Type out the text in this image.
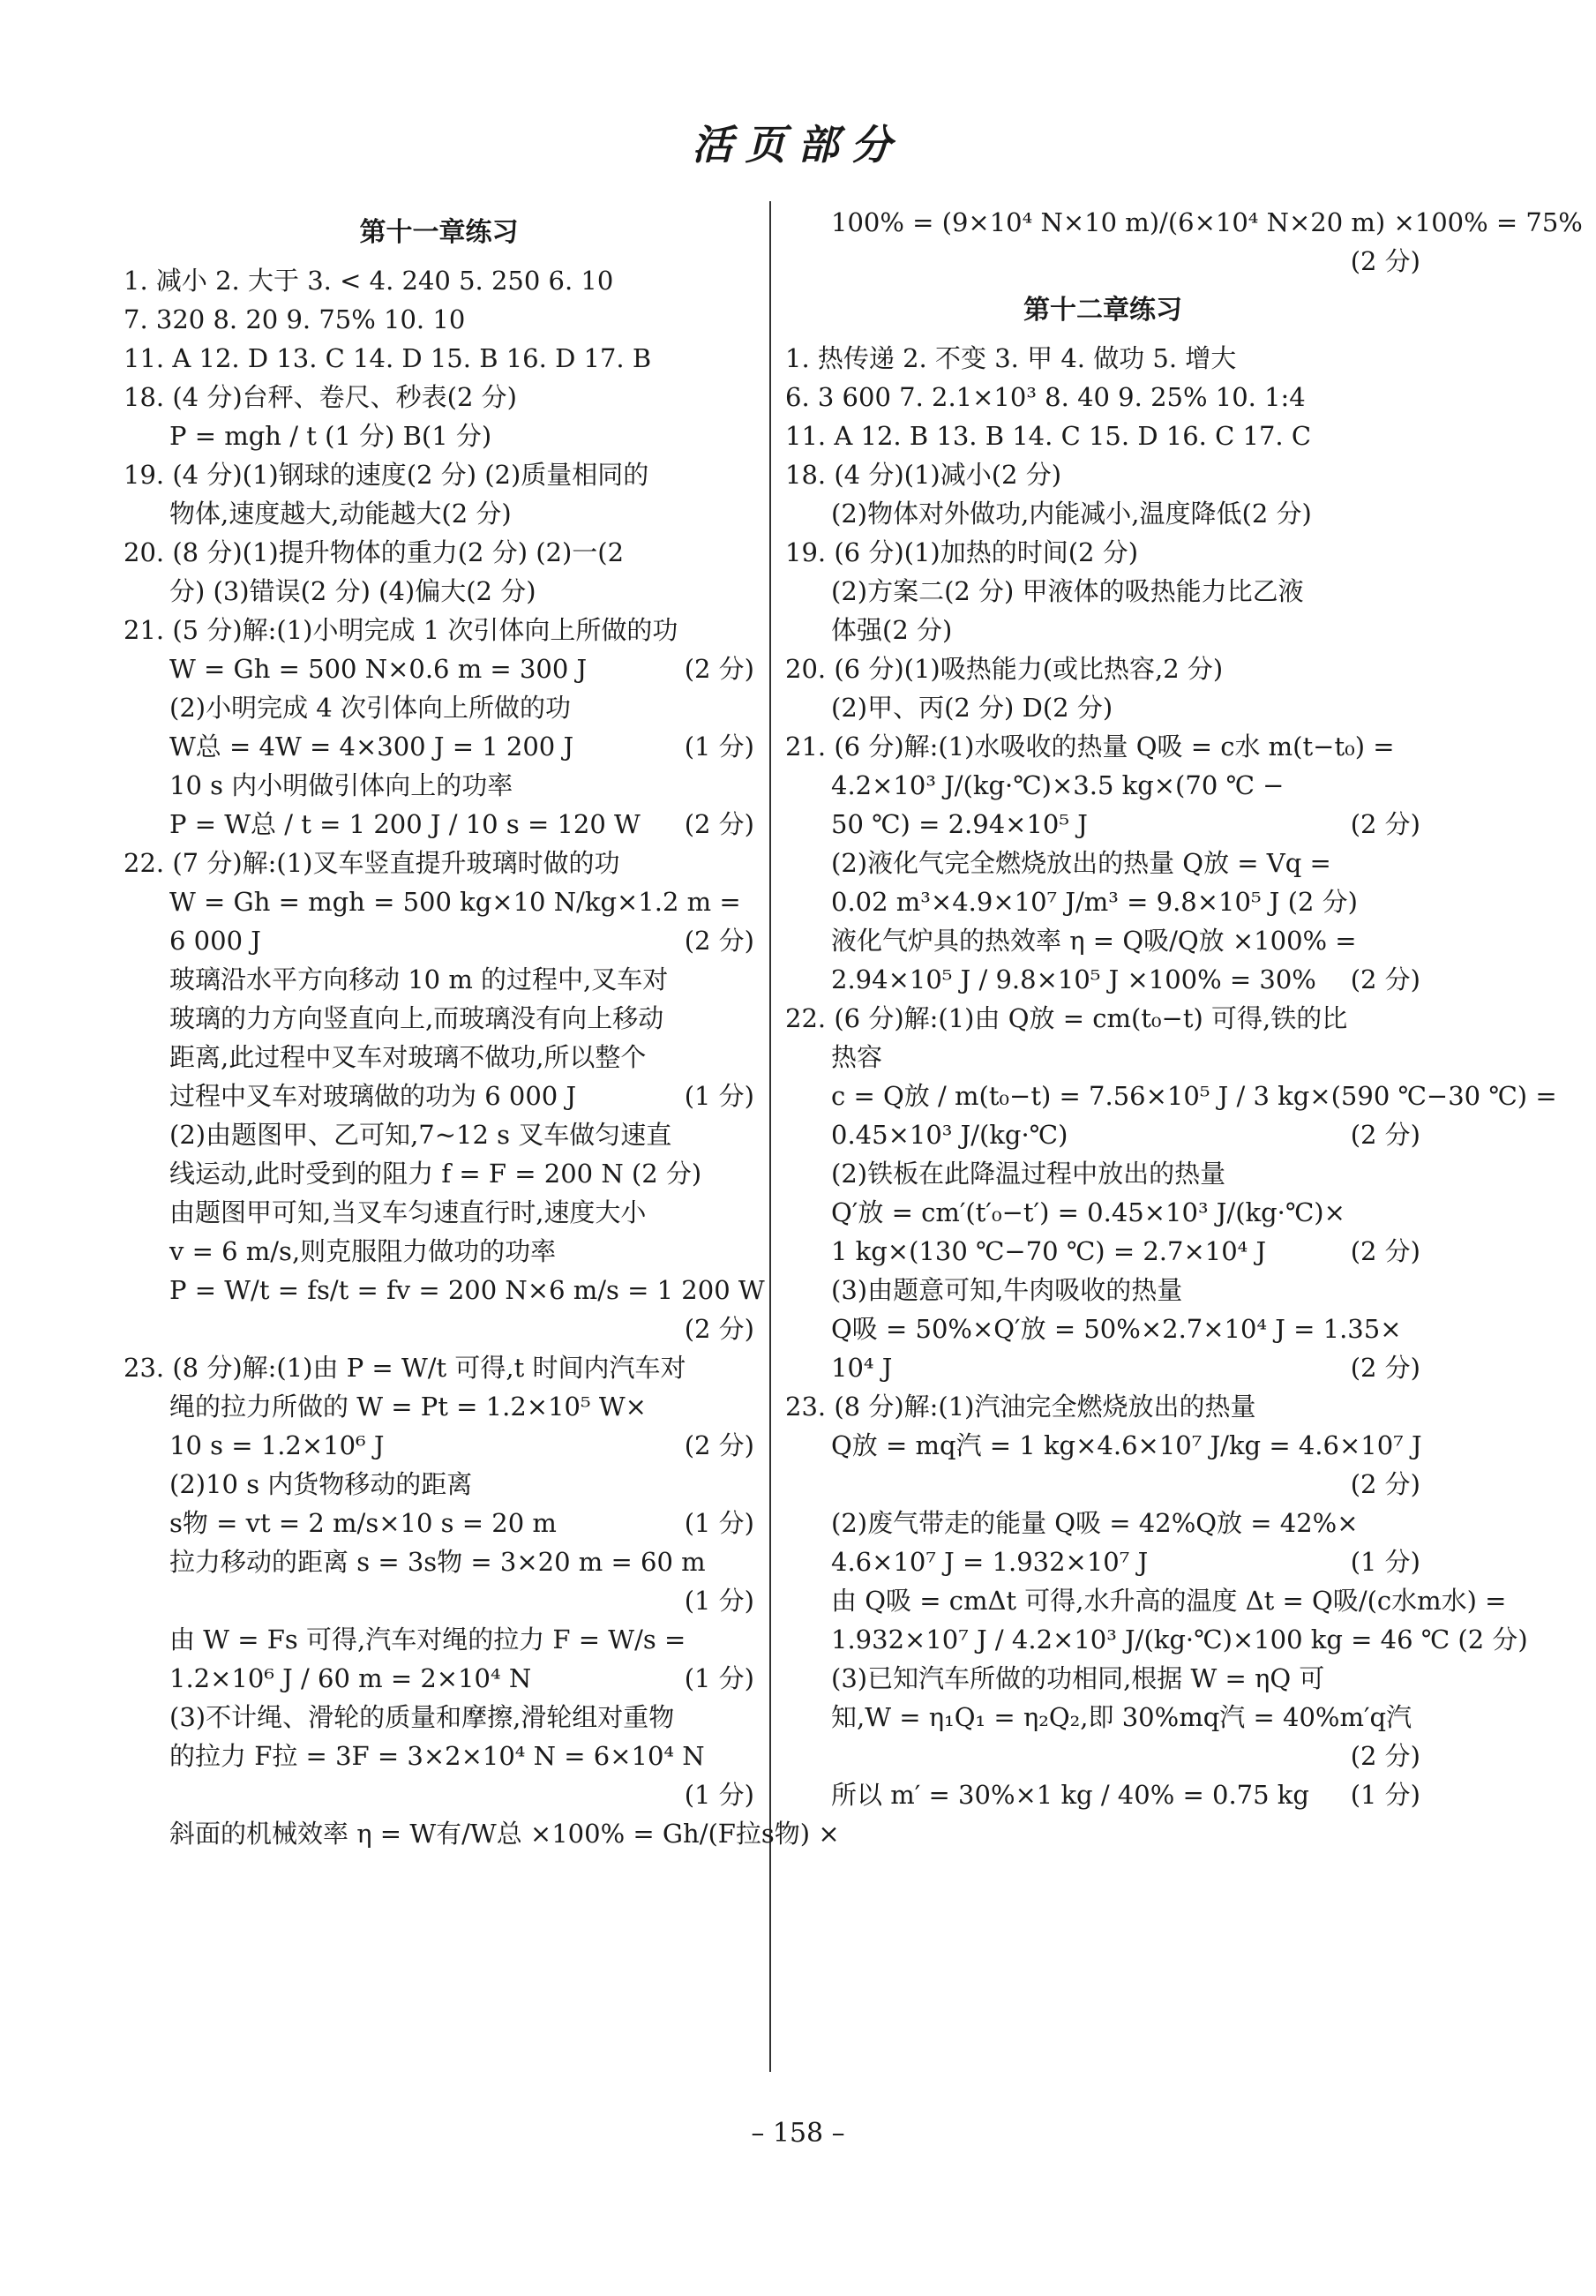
活页部分
第十一章练习
1. 减小 2. 大于 3. < 4. 240 5. 250 6. 10
7. 320 8. 20 9. 75% 10. 10
11. A 12. D 13. C 14. D 15. B 16. D 17. B
18. (4 分)台秤、卷尺、秒表(2 分)
P = mgh / t (1 分) B(1 分)
19. (4 分)(1)钢球的速度(2 分) (2)质量相同的
物体,速度越大,动能越大(2 分)
20. (8 分)(1)提升物体的重力(2 分) (2)一(2
分) (3)错误(2 分) (4)偏大(2 分)
21. (5 分)解:(1)小明完成 1 次引体向上所做的功
W = Gh = 500 N×0.6 m = 300 J	(2 分)
(2)小明完成 4 次引体向上所做的功
W总 = 4W = 4×300 J = 1 200 J	(1 分)
10 s 内小明做引体向上的功率
P = W总 / t = 1 200 J / 10 s = 120 W (2 分)
22. (7 分)解:(1)叉车竖直提升玻璃时做的功
W = Gh = mgh = 500 kg×10 N/kg×1.2 m =
6 000 J	(2 分)
玻璃沿水平方向移动 10 m 的过程中,叉车对
玻璃的力方向竖直向上,而玻璃没有向上移动
距离,此过程中叉车对玻璃不做功,所以整个
过程中叉车对玻璃做的功为 6 000 J	(1 分)
(2)由题图甲、乙可知,7~12 s 叉车做匀速直
线运动,此时受到的阻力 f = F = 200 N (2 分)
由题图甲可知,当叉车匀速直行时,速度大小
v = 6 m/s,则克服阻力做功的功率
P = W/t = fs/t = fv = 200 N×6 m/s = 1 200 W
(2 分)
23. (8 分)解:(1)由 P = W/t 可得,t 时间内汽车对
绳的拉力所做的 W = Pt = 1.2×10⁵ W×
10 s = 1.2×10⁶ J	(2 分)
(2)10 s 内货物移动的距离
s物 = vt = 2 m/s×10 s = 20 m	(1 分)
拉力移动的距离 s = 3s物 = 3×20 m = 60 m
(1 分)
由 W = Fs 可得,汽车对绳的拉力 F = W/s =
1.2×10⁶ J / 60 m = 2×10⁴ N	(1 分)
(3)不计绳、滑轮的质量和摩擦,滑轮组对重物
的拉力 F拉 = 3F = 3×2×10⁴ N = 6×10⁴ N
(1 分)
斜面的机械效率 η = W有/W总 ×100% = Gh/(F拉s物) ×
100% = (9×10⁴ N×10 m)/(6×10⁴ N×20 m) ×100% = 75%
(2 分)
第十二章练习
1. 热传递 2. 不变 3. 甲 4. 做功 5. 增大
6. 3 600 7. 2.1×10³ 8. 40 9. 25% 10. 1:4
11. A 12. B 13. B 14. C 15. D 16. C 17. C
18. (4 分)(1)减小(2 分)
(2)物体对外做功,内能减小,温度降低(2 分)
19. (6 分)(1)加热的时间(2 分)
(2)方案二(2 分) 甲液体的吸热能力比乙液
体强(2 分)
20. (6 分)(1)吸热能力(或比热容,2 分)
(2)甲、丙(2 分) D(2 分)
21. (6 分)解:(1)水吸收的热量 Q吸 = c水 m(t−t₀) =
4.2×10³ J/(kg·℃)×3.5 kg×(70 ℃ −
50 ℃) = 2.94×10⁵ J	(2 分)
(2)液化气完全燃烧放出的热量 Q放 = Vq =
0.02 m³×4.9×10⁷ J/m³ = 9.8×10⁵ J (2 分)
液化气炉具的热效率 η = Q吸/Q放 ×100% =
2.94×10⁵ J / 9.8×10⁵ J ×100% = 30% (2 分)
22. (6 分)解:(1)由 Q放 = cm(t₀−t) 可得,铁的比
热容
c = Q放 / m(t₀−t) = 7.56×10⁵ J / 3 kg×(590 ℃−30 ℃) =
0.45×10³ J/(kg·℃)	(2 分)
(2)铁板在此降温过程中放出的热量
Q′放 = cm′(t′₀−t′) = 0.45×10³ J/(kg·℃)×
1 kg×(130 ℃−70 ℃) = 2.7×10⁴ J	(2 分)
(3)由题意可知,牛肉吸收的热量
Q吸 = 50%×Q′放 = 50%×2.7×10⁴ J = 1.35×
10⁴ J	(2 分)
23. (8 分)解:(1)汽油完全燃烧放出的热量
Q放 = mq汽 = 1 kg×4.6×10⁷ J/kg = 4.6×10⁷ J
(2 分)
(2)废气带走的能量 Q吸 = 42%Q放 = 42%×
4.6×10⁷ J = 1.932×10⁷ J	(1 分)
由 Q吸 = cmΔt 可得,水升高的温度 Δt = Q吸/(c水m水) =
1.932×10⁷ J / 4.2×10³ J/(kg·℃)×100 kg = 46 ℃ (2 分)
(3)已知汽车所做的功相同,根据 W = ηQ 可
知,W = η₁Q₁ = η₂Q₂,即 30%mq汽 = 40%m′q汽
(2 分)
所以 m′ = 30%×1 kg / 40% = 0.75 kg (1 分)
– 158 –
